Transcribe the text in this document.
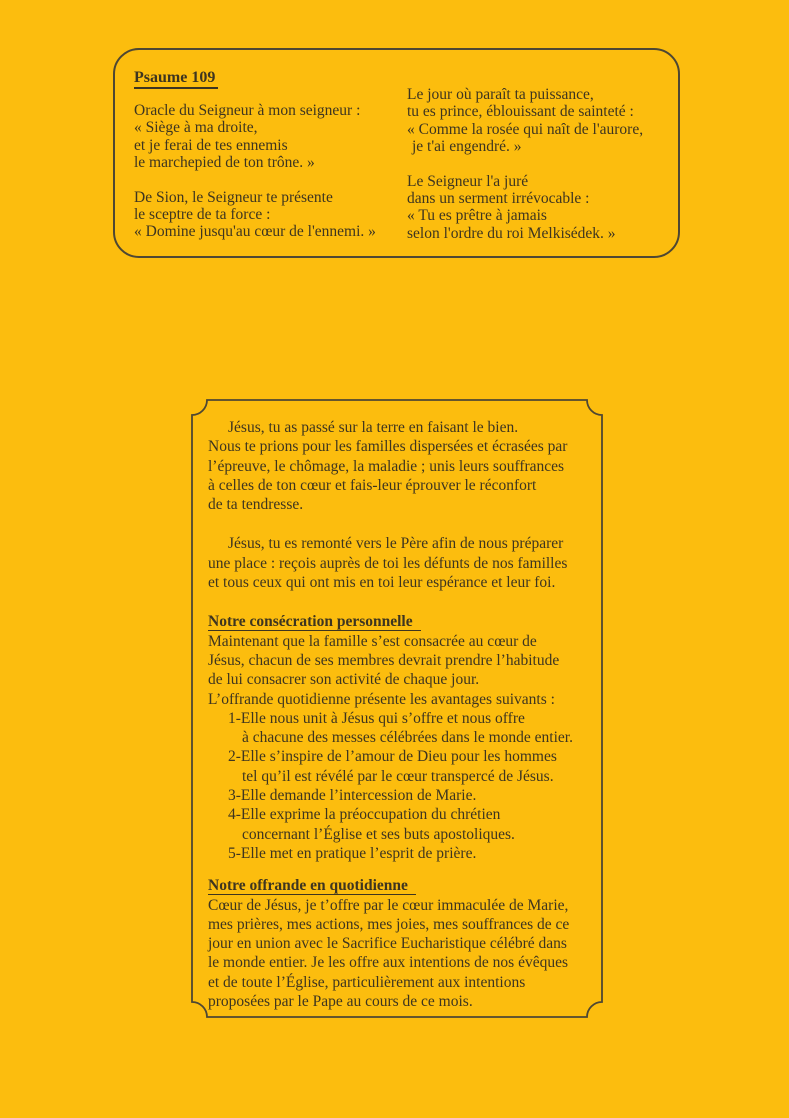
Psaume 109
Oracle du Seigneur à mon seigneur :
« Siège à ma droite,
et je ferai de tes ennemis
le marchepied de ton trône. »
De Sion, le Seigneur te présente
le sceptre de ta force :
« Domine jusqu'au cœur de l'ennemi. »
Le jour où paraît ta puissance,
tu es prince, éblouissant de sainteté :
« Comme la rosée qui naît de l'aurore,
je t'ai engendré. »
Le Seigneur l'a juré
dans un serment irrévocable :
« Tu es prêtre à jamais
selon l'ordre du roi Melkisédek. »
Jésus, tu as passé sur la terre en faisant le bien.
Nous te prions pour les familles dispersées et écrasées par
l’épreuve, le chômage, la maladie ; unis leurs souffrances
à celles de ton cœur et fais-leur éprouver le réconfort
de ta tendresse.
Jésus, tu es remonté vers le Père afin de nous préparer
une place : reçois auprès de toi les défunts de nos familles
et tous ceux qui ont mis en toi leur espérance et leur foi.
Notre consécration personnelle
Maintenant que la famille s’est consacrée au cœur de
Jésus, chacun de ses membres devrait prendre l’habitude
de lui consacrer son activité de chaque jour.
L’offrande quotidienne présente les avantages suivants :
1-Elle nous unit à Jésus qui s’offre et nous offre
à chacune des messes célébrées dans le monde entier.
2-Elle s’inspire de l’amour de Dieu pour les hommes
tel qu’il est révélé par le cœur transpercé de Jésus.
3-Elle demande l’intercession de Marie.
4-Elle exprime la préoccupation du chrétien
concernant l’Église et ses buts apostoliques.
5-Elle met en pratique l’esprit de prière.
Notre offrande en quotidienne
Cœur de Jésus, je t’offre par le cœur immaculée de Marie,
mes prières, mes actions, mes joies, mes souffrances de ce
jour en union avec le Sacrifice Eucharistique célébré dans
le monde entier. Je les offre aux intentions de nos évêques
et de toute l’Église, particulièrement aux intentions
proposées par le Pape au cours de ce mois.
